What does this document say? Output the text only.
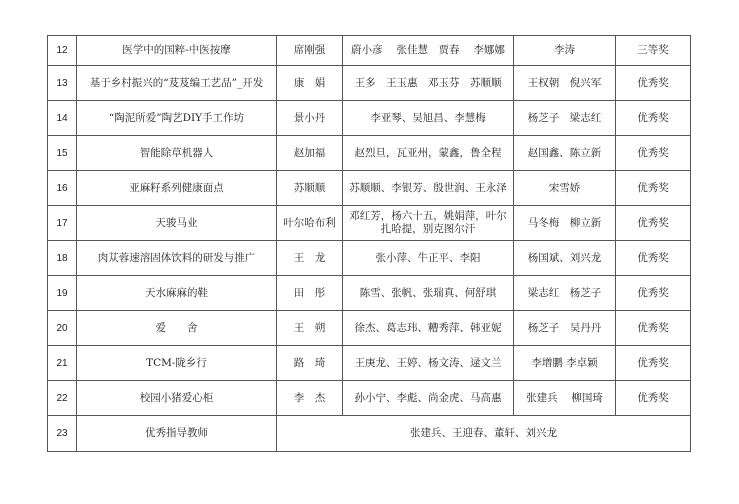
12	医学中的国粹-中医按摩	席刚强	蔚小彦　 张佳慧　贾春　 李娜娜	李涛	三等奖
13	基于乡村振兴的“芨芨编工艺品”_开发	康　娟	王多　王玉惠　邓玉芬　苏顺顺	王权朝　倪兴军	优秀奖
14	“陶泥所爱”陶艺DIY手工作坊	景小丹	李亚琴、吴旭昌、李慧梅	杨芝子　梁志红	优秀奖
15	智能除草机器人	赵加福	赵烈旦，瓦亚州，蒙鑫，鲁全程	赵国鑫、陈立新	优秀奖
16	亚麻籽系列健康面点	苏顺顺	苏顺顺、李银芳、殷世润、王永泽	宋雪娇	优秀奖
17	天骏马业	叶尔哈布利	邓红芳，杨六十五，姚娟萍，叶尔扎哈提，别克图尔汗	马冬梅　柳立新	优秀奖
18	肉苁蓉速溶固体饮料的研发与推广	王　龙	张小萍、牛正平、李阳	杨国斌、刘兴龙	优秀奖
19	天水麻麻的鞋	田　彤	陈雪、张帆、张瑞真、何舒琪	梁志红　杨芝子	优秀奖
20	爱　　舍	王　朔	徐杰、葛志玮、糟秀萍、韩亚妮	杨芝子　吴丹丹	优秀奖
21	TCM-陇乡行	路　琦	王庚龙、王婷、杨文涛、逯文兰	李增鹏 李卓颖	优秀奖
22	校园小猪爱心柜	李　杰	孙小宁、李彪、尚金虎、马高惠	张建兵　 柳国琦	优秀奖
23	优秀指导教师	张建兵、王迎春、董轩、刘兴龙			
